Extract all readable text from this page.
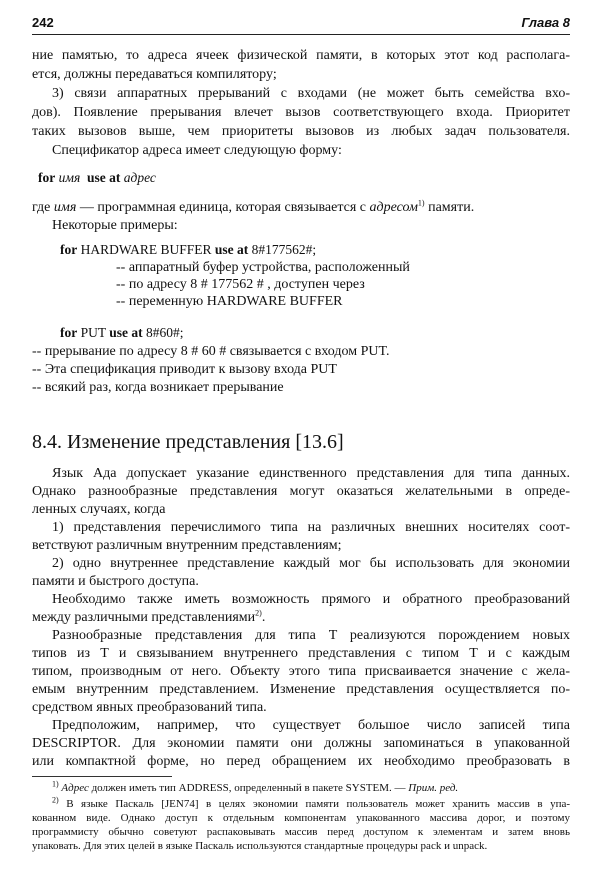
242	Глава 8
ние памятью, то адреса ячеек физической памяти, в которых этот код располага-
ется, должны передаваться компилятору;
3) связи аппаратных прерываний с входами (не может быть семейства вхо-
дов). Появление прерывания влечет вызов соответствующего входа. Приоритет
таких вызовов выше, чем приоритеты вызовов из любых задач пользователя.
Спецификатор адреса имеет следующую форму:
for имя use at адрес
где имя — программная единица, которая связывается с адресом$^{1)}$ памяти.
Некоторые примеры:
for HARDWARE BUFFER use at 8#177562#;
-- аппаратный буфер устройства, расположенный
-- по адресу 8 # 177562 # , доступен через
-- переменную HARDWARE BUFFER
for PUT use at 8#60#;
-- прерывание по адресу 8 # 60 # связывается с входом PUT.
-- Эта спецификация приводит к вызову входа PUT
-- всякий раз, когда возникает прерывание
8.4. Изменение представления [13.6]
Язык Ада допускает указание единственного представления для типа данных.
Однако разнообразные представления могут оказаться желательными в опреде-
ленных случаях, когда
1) представления перечислимого типа на различных внешних носителях соот-
ветствуют различным внутренним представлениям;
2) одно внутреннее представление каждый мог бы использовать для экономии
памяти и быстрого доступа.
Необходимо также иметь возможность прямого и обратного преобразований
между различными представлениями$^{2)}$.
Разнообразные представления для типа T реализуются порождением новых
типов из T и связыванием внутреннего представления с типом T и с каждым
типом, производным от него. Объекту этого типа присваивается значение с жела-
емым внутренним представлением. Изменение представления осуществляется по-
средством явных преобразований типа.
Предположим, например, что существует большое число записей типа
DESCRIPTOR. Для экономии памяти они должны запоминаться в упакованной
или компактной форме, но перед обращением их необходимо преобразовать в
$^{1)}$ Адрес должен иметь тип ADDRESS, определенный в пакете SYSTEM. — Прим. ред.
$^{2)}$ В языке Паскаль [JEN74] в целях экономии памяти пользователь может хранить массив в упа-
кованном виде. Однако доступ к отдельным компонентам упакованного массива дорог, и поэтому
программисту обычно советуют распаковывать массив перед доступом к элементам и затем вновь
упаковать. Для этих целей в языке Паскаль используются стандартные процедуры pack и unpack.
